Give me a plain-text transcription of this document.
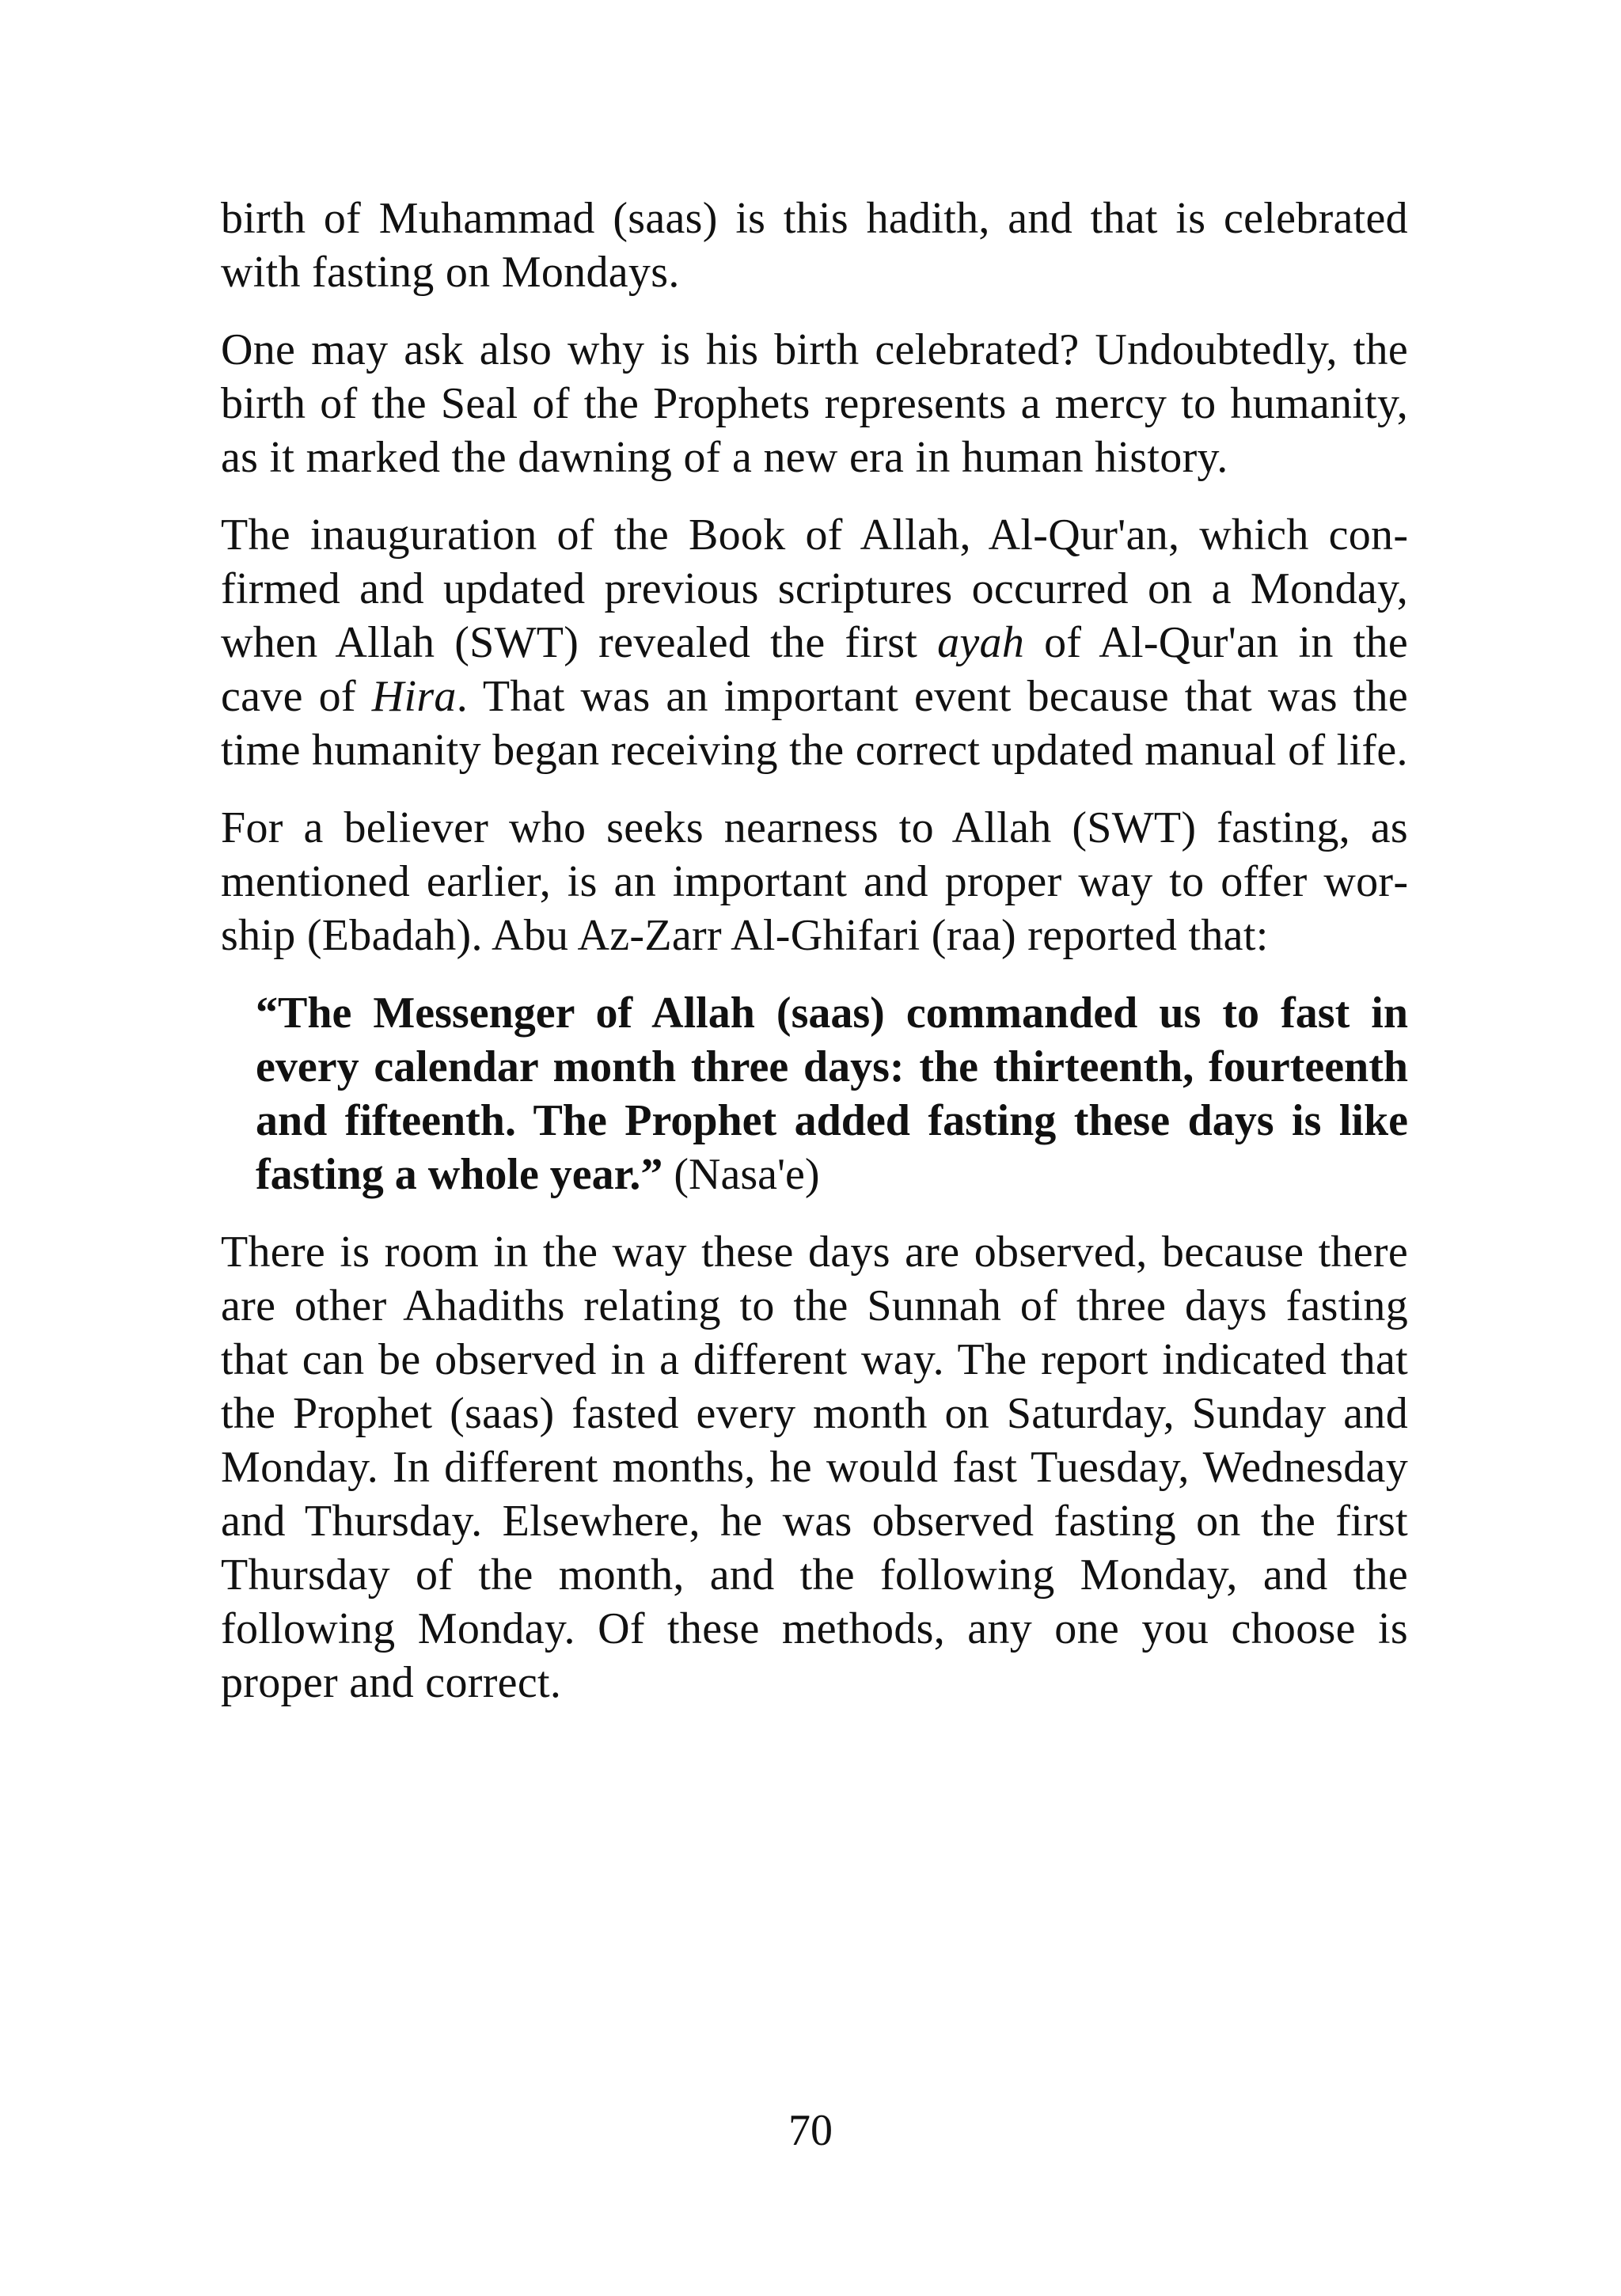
birth of Muhammad (saas) is this hadith, and that is celebrated with fasting on Mondays.

One may ask also why is his birth celebrated? Undoubtedly, the birth of the Seal of the Prophets represents a mercy to humanity, as it marked the dawning of a new era in human history.

The inauguration of the Book of Allah, Al-Qur'an, which confirmed and updated previous scriptures occurred on a Monday, when Allah (SWT) revealed the first ayah of Al-Qur'an in the cave of Hira. That was an important event because that was the time humanity began receiving the correct updated manual of life.

For a believer who seeks nearness to Allah (SWT) fasting, as mentioned earlier, is an important and proper way to offer worship (Ebadah). Abu Az-Zarr Al-Ghifari (raa) reported that:

“The Messenger of Allah (saas) commanded us to fast in every calendar month three days: the thirteenth, fourteenth and fifteenth. The Prophet added fasting these days is like fasting a whole year.” (Nasa'e)

There is room in the way these days are observed, because there are other Ahadiths relating to the Sunnah of three days fasting that can be observed in a different way. The report indicated that the Prophet (saas) fasted every month on Saturday, Sunday and Monday. In different months, he would fast Tuesday, Wednesday and Thursday. Elsewhere, he was observed fasting on the first Thursday of the month, and the following Monday, and the following Monday. Of these methods, any one you choose is proper and correct.

70
